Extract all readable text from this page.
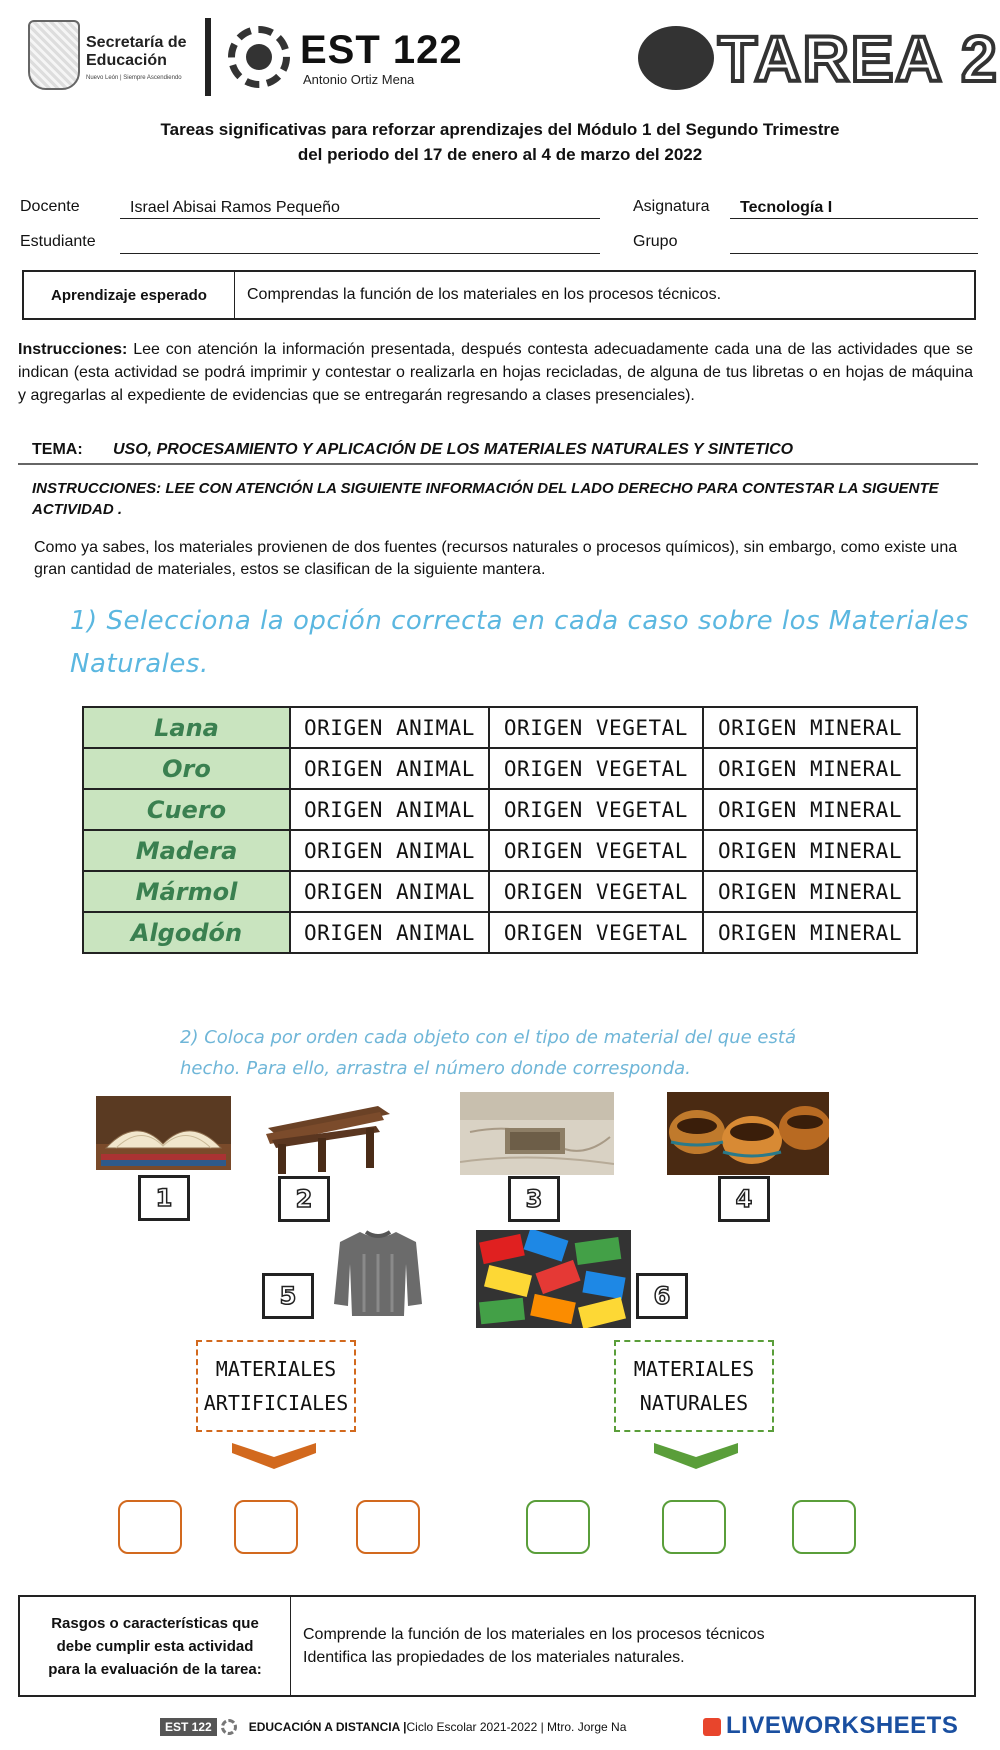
Secretaría de Educación
Nuevo León | Siempre Ascendiendo
EST 122
Antonio Ortiz Mena	TAREA 2
Tareas significativas para reforzar aprendizajes del Módulo 1 del Segundo Trimestre
del periodo del 17 de enero al 4 de marzo del 2022
Docente	Israel Abisai Ramos Pequeño	Asignatura	Tecnología I
Estudiante	Grupo
Aprendizaje esperado	Comprendas la función de los materiales en los procesos técnicos.
Instrucciones: Lee con atención la información presentada, después contesta adecuadamente cada una de las actividades que se indican (esta actividad se podrá imprimir y contestar o realizarla en hojas recicladas, de alguna de tus libretas o en hojas de máquina y agregarlas al expediente de evidencias que se entregarán regresando a clases presenciales).
TEMA: USO, PROCESAMIENTO Y APLICACIÓN DE LOS MATERIALES NATURALES Y SINTETICO
INSTRUCCIONES: LEE CON ATENCIÓN LA SIGUIENTE INFORMACIÓN DEL LADO DERECHO PARA CONTESTAR LA SIGUENTE ACTIVIDAD .
Como ya sabes, los materiales provienen de dos fuentes (recursos naturales o procesos químicos), sin embargo, como existe una gran cantidad de materiales, estos se clasifican de la siguiente mantera.
1) Selecciona la opción correcta en cada caso sobre los Materiales
Naturales.
Lana	ORIGEN ANIMAL	ORIGEN VEGETAL	ORIGEN MINERAL
Oro	ORIGEN ANIMAL	ORIGEN VEGETAL	ORIGEN MINERAL
Cuero	ORIGEN ANIMAL	ORIGEN VEGETAL	ORIGEN MINERAL
Madera	ORIGEN ANIMAL	ORIGEN VEGETAL	ORIGEN MINERAL
Mármol	ORIGEN ANIMAL	ORIGEN VEGETAL	ORIGEN MINERAL
Algodón	ORIGEN ANIMAL	ORIGEN VEGETAL	ORIGEN MINERAL
2) Coloca por orden cada objeto con el tipo de material del que está
hecho. Para ello, arrastra el número donde corresponda.
1	2	3	4
5	6
MATERIALES
ARTIFICIALES
MATERIALES
NATURALES
Rasgos o características que
debe cumplir esta actividad
para la evaluación de la tarea:
Comprende la función de los materiales en los procesos técnicos
Identifica las propiedades de los materiales naturales.
EST 122	EDUCACIÓN A DISTANCIA | Ciclo Escolar 2021-2022 | Mtro. Jorge Na	LIVEWORKSHEETS
